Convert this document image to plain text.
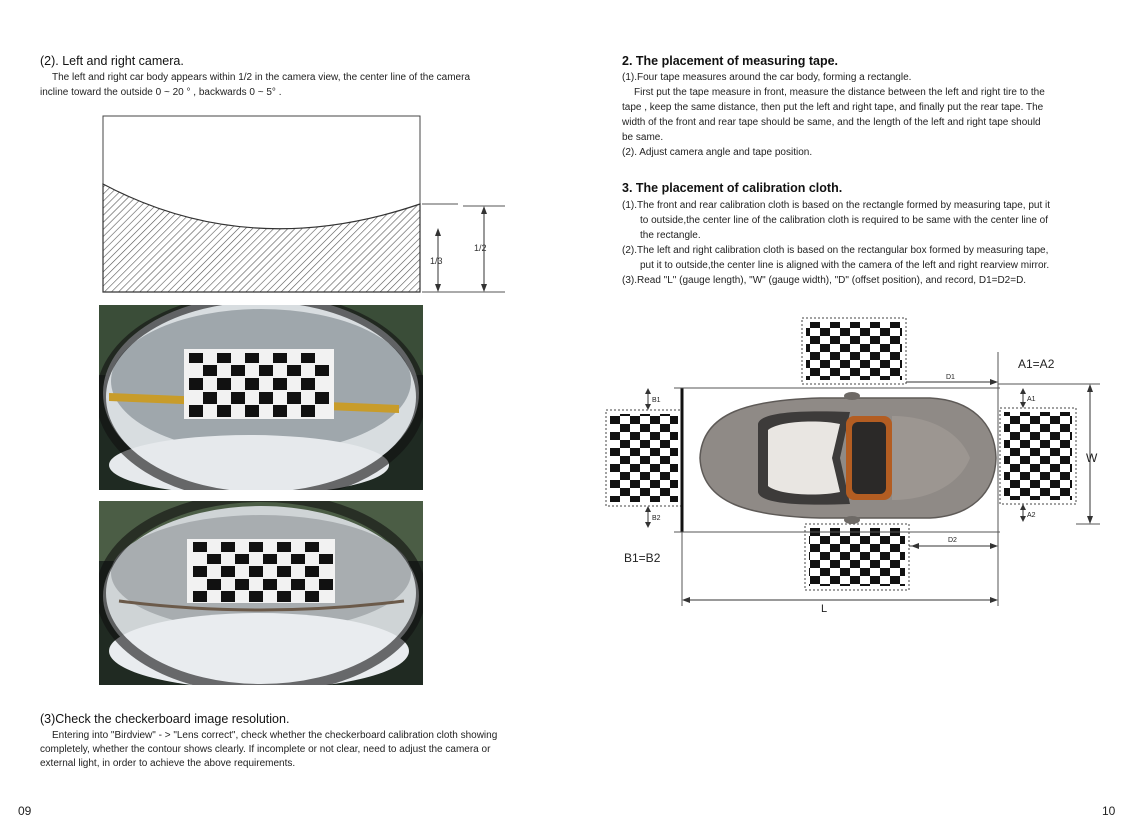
(2). Left and right camera.
The left and right car body appears within 1/2 in the camera view, the center line of the camera
incline toward the outside 0 ~ 20 ° , backwards 0 ~ 5° .
1/3
1/2
(3)Check the checkerboard image resolution.
Entering into "Birdview" - > "Lens correct", check whether the checkerboard calibration cloth showing
completely, whether the contour shows clearly. If incomplete or not clear, need to adjust the camera or
external light, in order to achieve the above requirements.
09
2. The placement of measuring tape.
(1).Four tape measures around the car body, forming a rectangle.
First put the tape measure in front, measure the distance between the left and right tire to the
tape , keep the same distance, then put the left and right tape, and finally put the rear tape. The
width of the front and rear tape should be same, and the length of the left and right tape should
be same.
(2). Adjust camera angle and tape position.
3. The placement of calibration cloth.
(1).The front and rear calibration cloth is based on the rectangle formed by measuring tape, put it
to outside,the center line of the calibration cloth is required to be same with the center line of
the rectangle.
(2).The left and right calibration cloth is based on the rectangular box formed by measuring tape,
put it to outside,the center line is aligned with the camera of the left and right rearview mirror.
(3).Read "L" (gauge length), "W" (gauge width), "D" (offset position), and record, D1=D2=D.
A1=A2
A1
A2
B1
B2
B1=B2
D1
D2
W
L
10
